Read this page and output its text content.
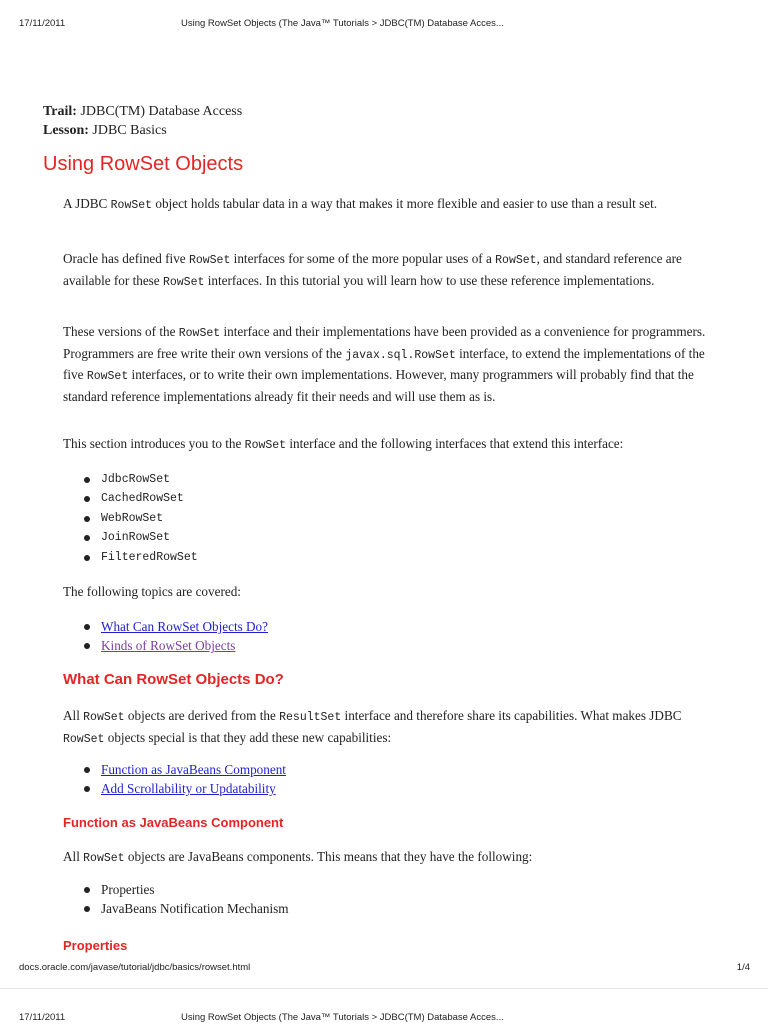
17/11/2011	Using RowSet Objects (The Java™ Tutorials > JDBC(TM) Database Acces...
Trail: JDBC(TM) Database Access
Lesson: JDBC Basics
Using RowSet Objects

A JDBC RowSet object holds tabular data in a way that makes it more flexible and easier to use than a result set.

Oracle has defined five RowSet interfaces for some of the more popular uses of a RowSet, and standard reference are available for these RowSet interfaces. In this tutorial you will learn how to use these reference implementations.

These versions of the RowSet interface and their implementations have been provided as a convenience for programmers. Programmers are free write their own versions of the javax.sql.RowSet interface, to extend the implementations of the five RowSet interfaces, or to write their own implementations. However, many programmers will probably find that the standard reference implementations already fit their needs and will use them as is.

This section introduces you to the RowSet interface and the following interfaces that extend this interface:

JdbcRowSet
CachedRowSet
WebRowSet
JoinRowSet
FilteredRowSet

The following topics are covered:

What Can RowSet Objects Do?
Kinds of RowSet Objects
What Can RowSet Objects Do?

All RowSet objects are derived from the ResultSet interface and therefore share its capabilities. What makes JDBC RowSet objects special is that they add these new capabilities:

Function as JavaBeans Component
Add Scrollability or Updatability
Function as JavaBeans Component

All RowSet objects are JavaBeans components. This means that they have the following:

Properties
JavaBeans Notification Mechanism
Properties
docs.oracle.com/javase/tutorial/jdbc/basics/rowset.html	1/4
17/11/2011	Using RowSet Objects (The Java™ Tutorials > JDBC(TM) Database Acces...
